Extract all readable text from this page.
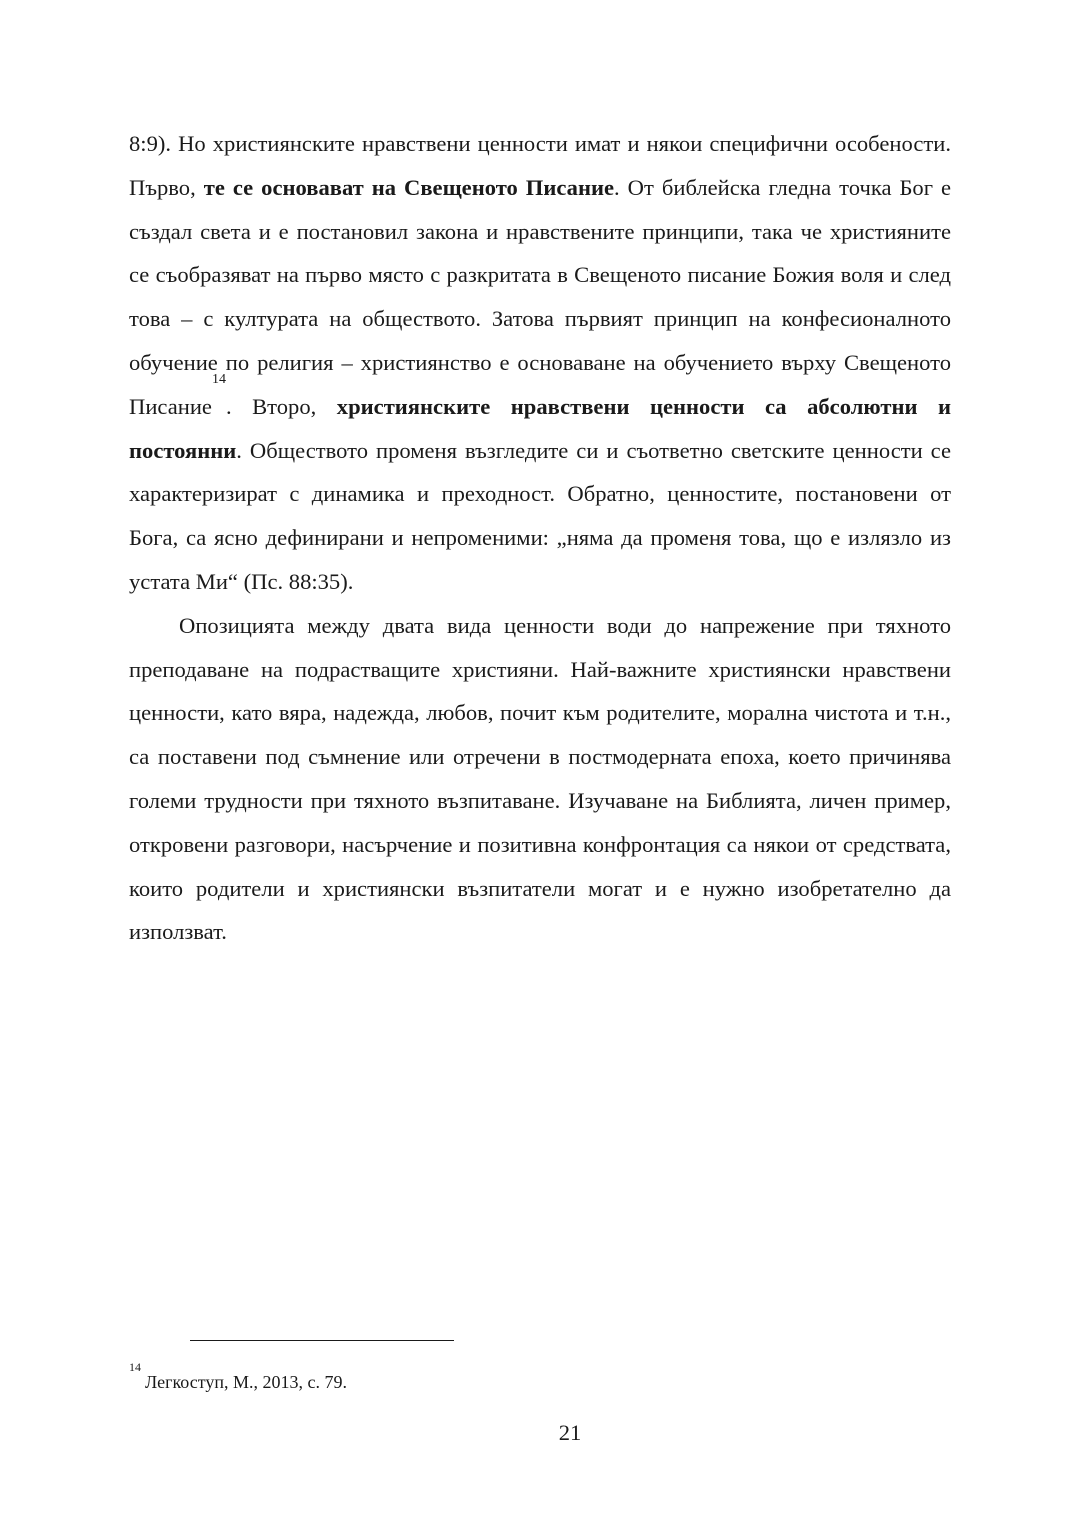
8:9). Но християнските нравствени ценности имат и някои специфични особености. Първо, те се основават на Свещеното Писание. От библейска гледна точка Бог е създал света и е постановил закона и нравствените принципи, така че християните се съобразяват на първо място с разкритата в Свещеното писание Божия воля и след това – с културата на обществото. Затова първият принцип на конфесионалното обучение по религия – християнство е основаване на обучението върху Свещеното Писание$^{14}$. Второ, християнските нравствени ценности са абсолютни и постоянни. Обществото променя възгледите си и съответно светските ценности се характеризират с динамика и преходност. Обратно, ценностите, постановени от Бога, са ясно дефинирани и непроменими: „няма да променя това, що е излязло из устата Ми“ (Пс. 88:35).

Опозицията между двата вида ценности води до напрежение при тяхното преподаване на подрастващите християни. Най-важните християнски нравствени ценности, като вяра, надежда, любов, почит към родителите, морална чистота и т.н., са поставени под съмнение или отречени в постмодерната епоха, което причинява големи трудности при тяхното възпитаване. Изучаване на Библията, личен пример, откровени разговори, насърчение и позитивна конфронтация са някои от средствата, които родители и християнски възпитатели могат и е нужно изобретателно да използват.

$^{14}$Легкоступ, М., 2013, с. 79.
21
